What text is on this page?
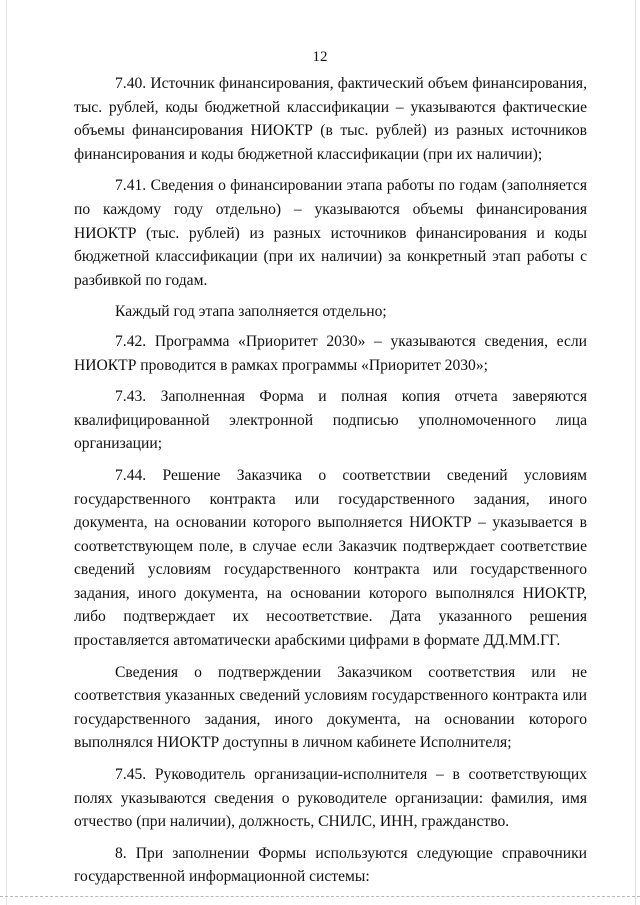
12

7.40. Источник финансирования, фактический объем финансирования, тыс. рублей, коды бюджетной классификации – указываются фактические объемы финансирования НИОКТР (в тыс. рублей) из разных источников финансирования и коды бюджетной классификации (при их наличии);

7.41. Сведения о финансировании этапа работы по годам (заполняется по каждому году отдельно) – указываются объемы финансирования НИОКТР (тыс. рублей) из разных источников финансирования и коды бюджетной классификации (при их наличии) за конкретный этап работы с разбивкой по годам.

Каждый год этапа заполняется отдельно;

7.42. Программа «Приоритет 2030» – указываются сведения, если НИОКТР проводится в рамках программы «Приоритет 2030»;

7.43. Заполненная Форма и полная копия отчета заверяются квалифицированной электронной подписью уполномоченного лица организации;

7.44. Решение Заказчика о соответствии сведений условиям государственного контракта или государственного задания, иного документа, на основании которого выполняется НИОКТР – указывается в соответствующем поле, в случае если Заказчик подтверждает соответствие сведений условиям государственного контракта или государственного задания, иного документа, на основании которого выполнялся НИОКТР, либо подтверждает их несоответствие. Дата указанного решения проставляется автоматически арабскими цифрами в формате ДД.ММ.ГГ.

Сведения о подтверждении Заказчиком соответствия или не соответствия указанных сведений условиям государственного контракта или государственного задания, иного документа, на основании которого выполнялся НИОКТР доступны в личном кабинете Исполнителя;

7.45. Руководитель организации-исполнителя – в соответствующих полях указываются сведения о руководителе организации: фамилия, имя отчество (при наличии), должность, СНИЛС, ИНН, гражданство.

8. При заполнении Формы используются следующие справочники государственной информационной системы:
